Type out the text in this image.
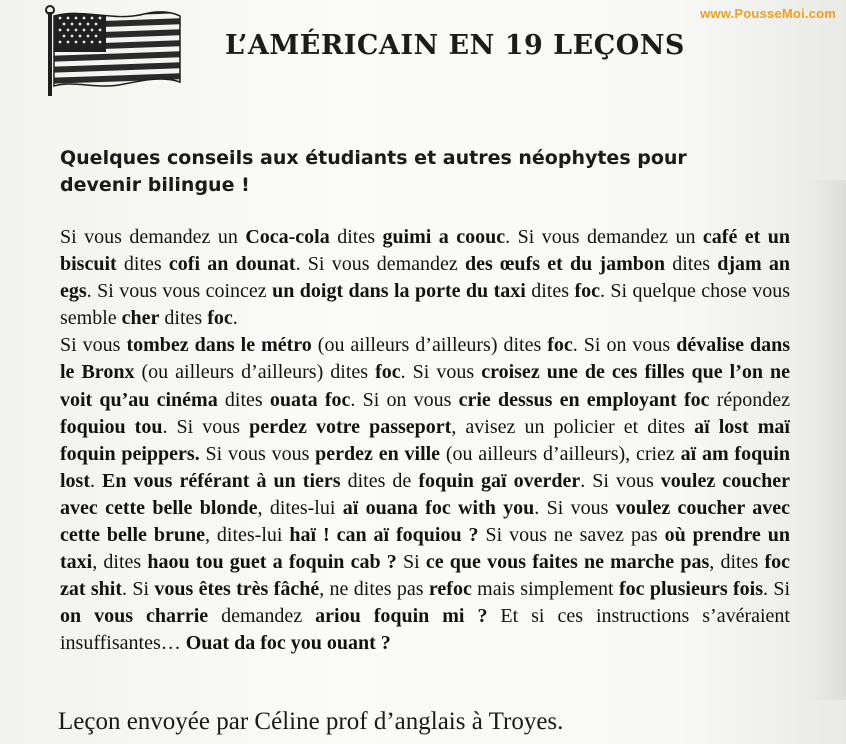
www.PousseMoi.com
L’AMÉRICAIN EN 19 LEÇONS
Quelques conseils aux étudiants et autres néophytes pour devenir bilingue !

Si vous demandez un Coca-cola dites guimi a coouc. Si vous demandez un café et un biscuit dites cofi an dounat. Si vous demandez des œufs et du jambon dites djam an egs. Si vous vous coincez un doigt dans la porte du taxi dites foc. Si quelque chose vous semble cher dites foc.

Si vous tombez dans le métro (ou ailleurs d’ailleurs) dites foc. Si on vous dévalise dans le Bronx (ou ailleurs d’ailleurs) dites foc. Si vous croisez une de ces filles que l’on ne voit qu’au cinéma dites ouata foc. Si on vous crie dessus en employant foc répondez foquiou tou. Si vous perdez votre passeport, avisez un policier et dites aï lost maï foquin peippers. Si vous vous perdez en ville (ou ailleurs d’ailleurs), criez aï am foquin lost. En vous référant à un tiers dites de foquin gaï overder. Si vous voulez coucher avec cette belle blonde, dites-lui aï ouana foc with you. Si vous voulez coucher avec cette belle brune, dites-lui haï ! can aï foquiou ? Si vous ne savez pas où prendre un taxi, dites haou tou guet a foquin cab ? Si ce que vous faites ne marche pas, dites foc zat shit. Si vous êtes très fâché, ne dites pas refoc mais simplement foc plusieurs fois. Si on vous charrie demandez ariou foquin mi ? Et si ces instructions s’avéraient insuffisantes… Ouat da foc you ouant ?

Leçon envoyée par Céline prof d’anglais à Troyes.
